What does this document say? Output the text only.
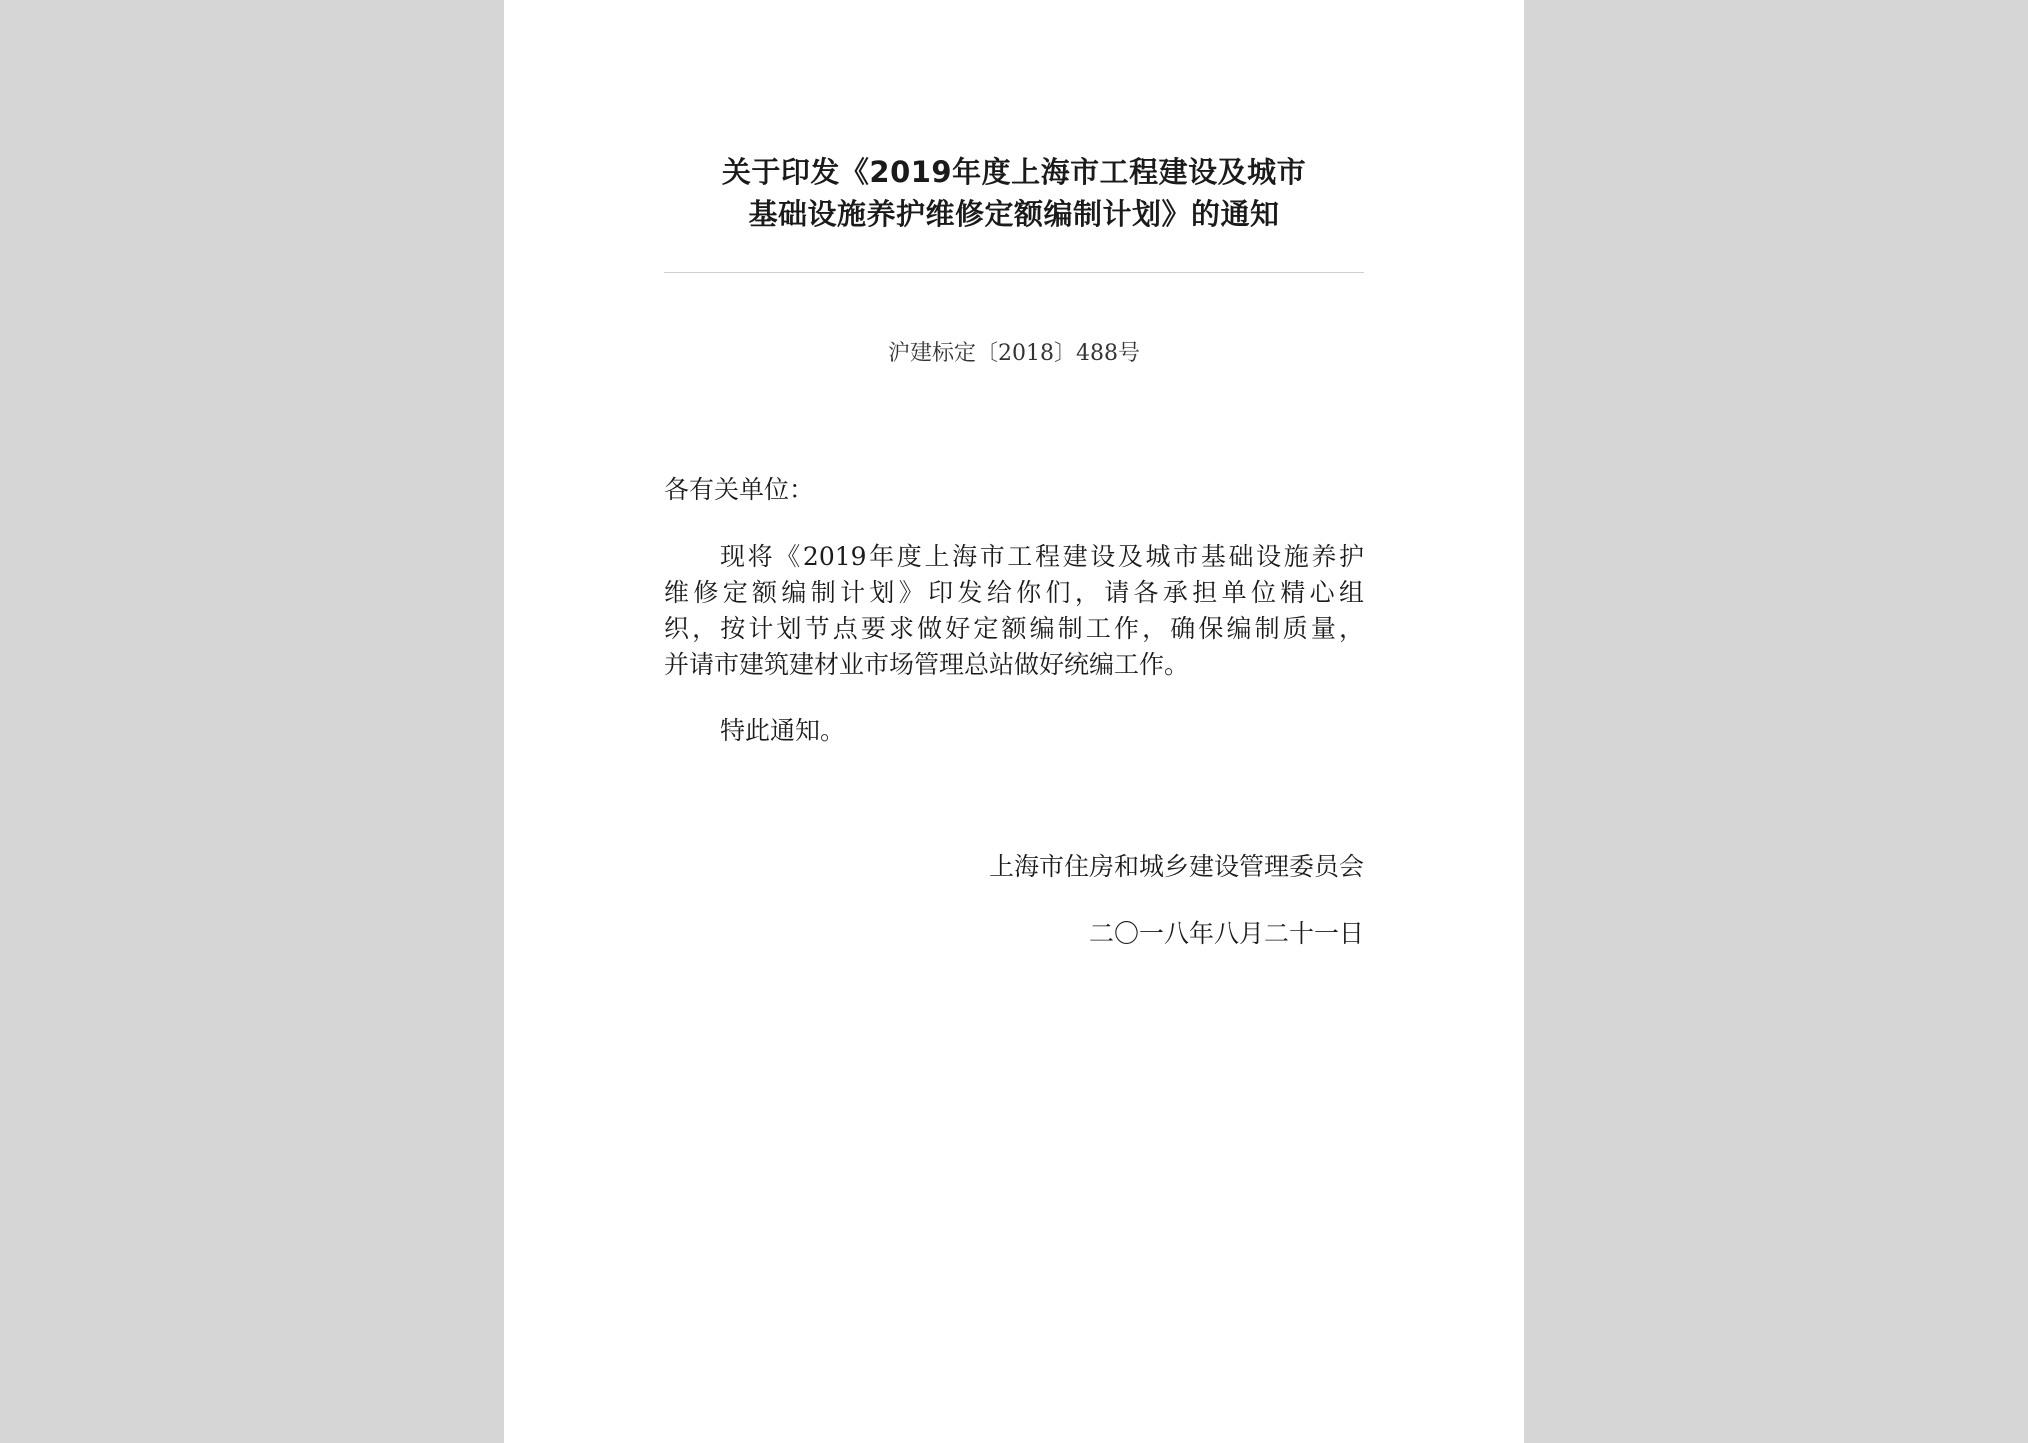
关于印发《2019年度上海市工程建设及城市
基础设施养护维修定额编制计划》的通知
沪建标定〔2018〕488号
各有关单位：
现将《2019年度上海市工程建设及城市基础设施养护
维修定额编制计划》印发给你们，请各承担单位精心组
织，按计划节点要求做好定额编制工作，确保编制质量，
并请市建筑建材业市场管理总站做好统编工作。
特此通知。
上海市住房和城乡建设管理委员会
二〇一八年八月二十一日
